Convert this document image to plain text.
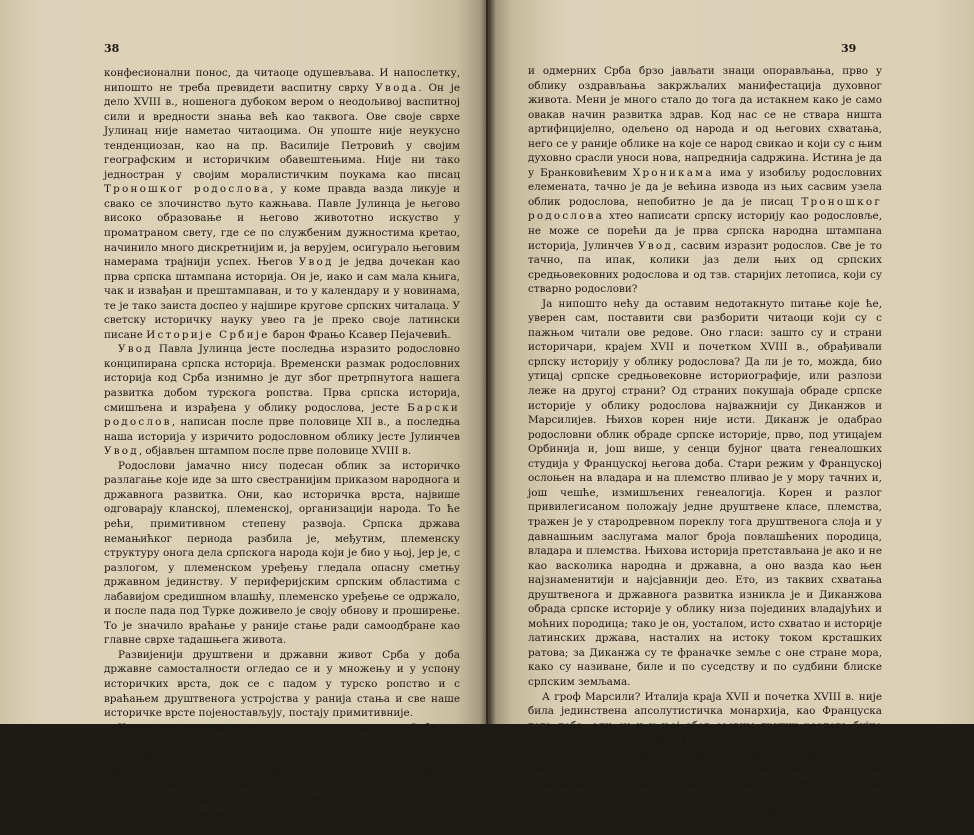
38

конфесионални понос, да читаоце одушевљава. И напослетку, нипошто не треба превидети васпитну сврху Увода. Он је дело XVIII в., ношенога дубоком вером о неодољивој васпитној сили и вредности знања већ као таквога. Ове своје сврхе Јулинац није наметао читаоцима. Он упоште није неукусно тенденциозан, као на пр. Василије Петровић у својим географским и историчким обавештењима. Није ни тако једностран у своjим моралистичким поукама као писац Троношког родослова, у коме правда вазда ликује и свако се злочинство љуто кажњава. Павле Јулинца је његово високо образовање и његово живототно искуство у проматраном свету, где се по службеним дужностима кретао, начинило много дискретнијим и, ја верујем, осигурало његовим намерама трајнији успех. Његов Увод је једва дочекан као прва српска штампана историја. Он је, иако и сам мала књига, чак и извађан и прештампаван, и то у календару и у новинама, те је тако заиста доспео у најшире кругове српских читалаца. У светску историчку науку увео га је преко своје латински писане Историје Србије барон Фрањо Ксавер Пејачевић.

Увод Павла Јулинца јесте последња изразито родословно конципирана српска историја. Временски размак родословних историја код Срба изнимно је дуг због претрпнутога нашега развитка добом турскога ропства. Прва српска историја, смишљена и израђена у облику родослова, јесте Барски родослов, написан после прве половице XII в., а последња наша историја у изричито родословном облику јесте Јулинчев Увод, објављен штампом после прве половице XVIII в.

Родослови јамачно нису подесан облик за историчко разлагање које иде за што свестранијим приказом народнога и државнога развитка. Они, као историчка врста, највише одговарају кланској, племенској, организацији народа. То ће рећи, примитивном степену развоја. Српска држава немањићког периода разбила је, међутим, племенску структуру онога дела српскога народа који је био у њој, јер је, с разлогом, у племенском уређењу гледала опасну сметњу државном јединству. У периферијским српским областима с лабавијом средишном влашћу, племенско уређење се одржало, и после пада под Турке доживело је своју обнову и проширење. То је значило враћање у раније стање ради самоодбране као главне сврхе тадашњега живота.

Развијенији друштвени и државни живот Срба у доба државне самосталности огледао се и у множењу и у успону историчких врста, док се с падом у турско ропство и с враћањем друштвенога устројства у ранија стања и све наше историчке врсте појеностављују, постају примитивније.

Услови за поновни културни успон настали су за Србе тек после Велике сеобе. Они су, истина, били отежани политичким притисцима и верским прогонима, који ипак нису представљали онако сурову тиранију као у Турској. Средина у коју су пресељени Срби доспели била је ван сваке сумње друкчија, на вишој културној степеници. У новој околини почињу се код даровитих

39

и одмерних Срба брзо јављати знаци опорављања, прво у облику оздрављања закржљалих манифестација духовног живота. Мени је много стало до тога да истакнем како је само овакав начин развитка здрав. Код нас се не ствара ништа артифицијелно, одељено од народа и од његових схватања, него се у раније облике на које се народ свикао и који су с њим духовно срасли уноси нова, напреднија садржина. Истина је да у Бранковићевим Хроникама има у изобиљу родословних елемената, тачно је да је већина извода из њих сасвим узела облик родослова, непобитно је да је писац Троношког родослова хтео написати српску историју као родословље, не може се порећи да је прва српска народна штампана историја, Јулинчев Увод, сасвим изразит родослов. Све је то тачно, па ипак, колики јаз дели њих од српских средњовековних родослова и од тзв. старијих летописа, који су стварно родослови?

Ја нипошто нећу да оставим недотакнуто питање које ће, уверен сам, поставити сви разборити читаоци који су с пажњом читали ове редове. Оно гласи: зашто су и страни историчари, крајем XVII и почетком XVIII в., обрађивали српску историју у облику родослова? Да ли је то, можда, био утицај српске средњовековне историографије, или разлози леже на другој страни? Од страних покушаја обраде српске историје у облику родослова најважнији су Диканжов и Марсилијев. Њихов корен није исти. Диканж је одабрао родословни облик обраде српске историје, прво, под утицајем Орбинија и, још више, у сенци бујног цвата генеалошких студија у Француској његова доба. Стари режим у Француској ослоњен на владара и на племство пливао је у мору тачних и, још чешће, измишљених генеалогија. Корен и разлог привилегисаном положају једне друштвене класе, племства, тражен је у стародревном пореклу тога друштвенога слоја и у давнашњим заслугама малог броја повлашћених породица, владара и племства. Њихова историја претстављана је ако и не као васколика народна и државна, а оно вазда као њен најзнаменитији и најсјавнији део. Ето, из таквих схватања друштвенога и државнога развитка изникла је и Диканжова обрада српске историје у облику низа појединих владајућих и моћних породица; тако је он, уосталом, исто схватао и историје латинских држава, насталих на истоку током крсташких ратова; за Диканжа су те франачке земље с оне стране мора, како су називане, биле и по суседству и по судбини блиске српским земљама.

А гроф Марсили? Италија краја XVII и почетка XVIII в. није била јединствена апсолутистичка монархија, као Француска тога доба, али су и у њој због сасвим других разлога бујно цвале генеалошке студије. Гроф Марсили, сам члан племства, је своја слабостима према правим и измишљеним родословима, био је склон да историју сапне у родословне таблице и њихова објашњења већ по свом рођењу и по својој каријери. Сама пак Италија ранијих времена, па и његова доба, с болним многовржављем, с гомилом опаких авантуриста на влади, који су тражили
